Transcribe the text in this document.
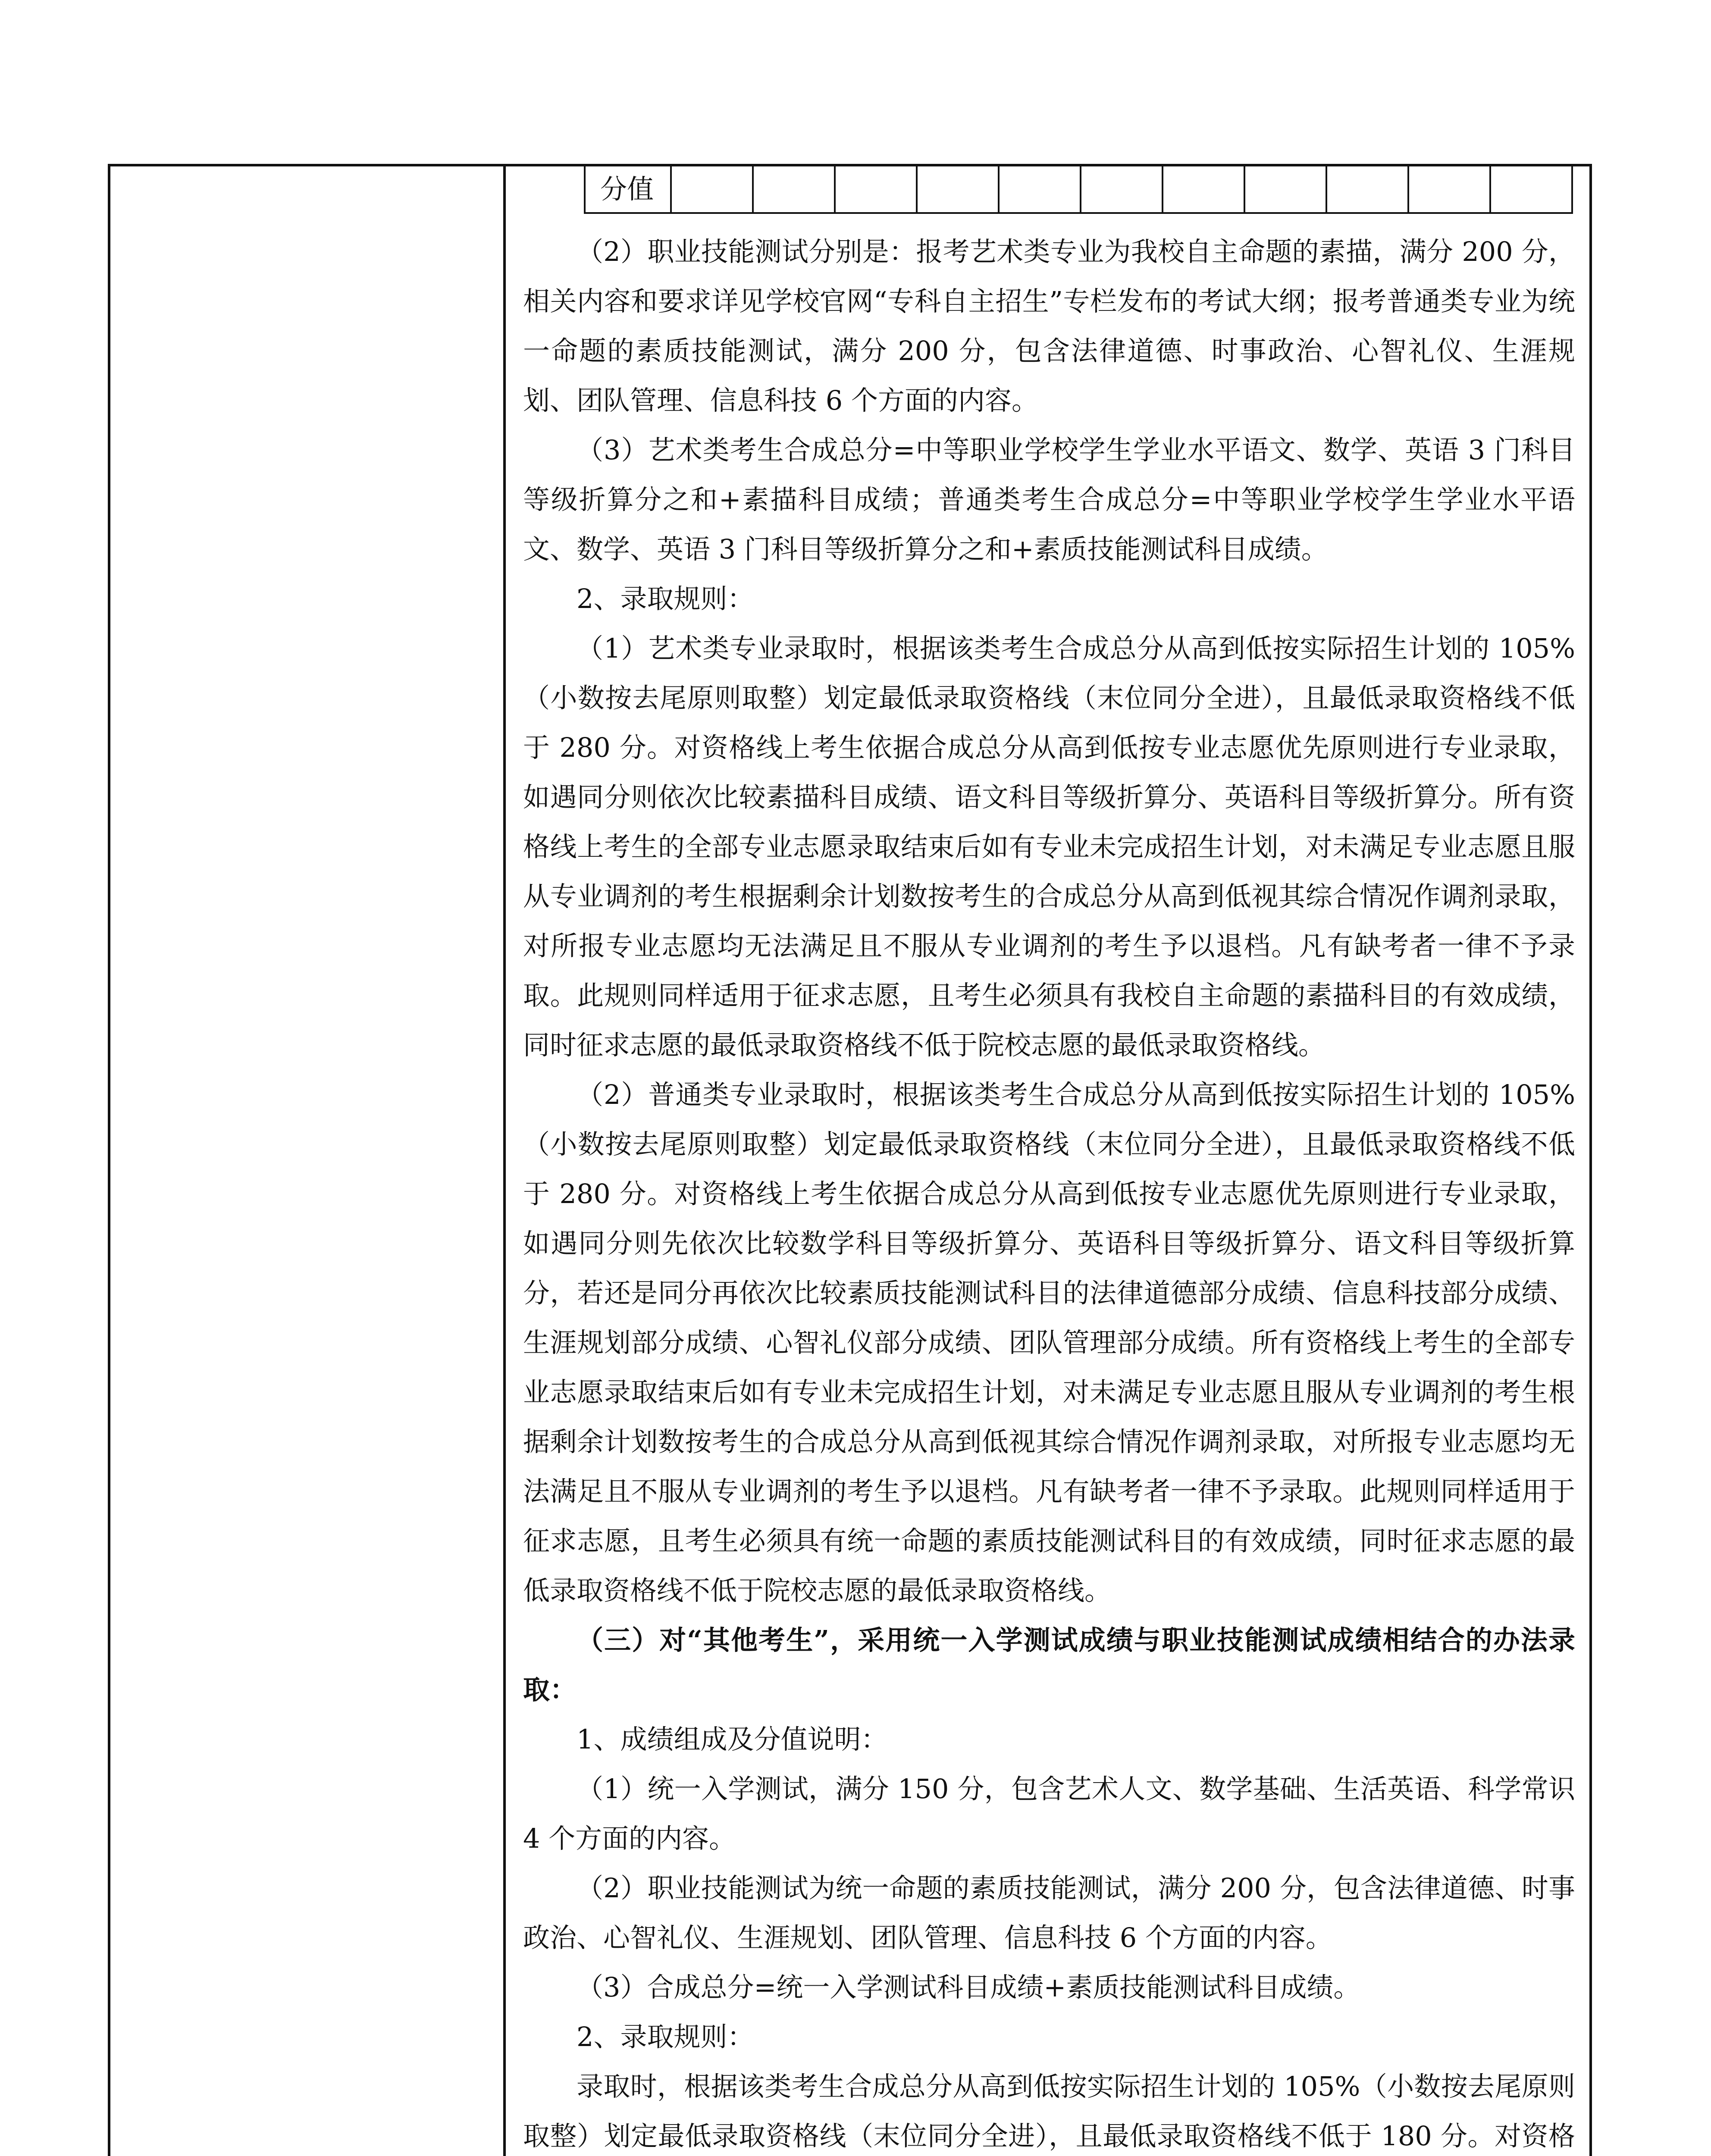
分值											

（2）职业技能测试分别是：报考艺术类专业为我校自主命题的素描，满分 200 分，相关内容和要求详见学校官网“专科自主招生”专栏发布的考试大纲；报考普通类专业为统一命题的素质技能测试，满分 200 分，包含法律道德、时事政治、心智礼仪、生涯规划、团队管理、信息科技 6 个方面的内容。

（3）艺术类考生合成总分=中等职业学校学生学业水平语文、数学、英语 3 门科目等级折算分之和+素描科目成绩；普通类考生合成总分=中等职业学校学生学业水平语文、数学、英语 3 门科目等级折算分之和+素质技能测试科目成绩。

2、录取规则：

（1）艺术类专业录取时，根据该类考生合成总分从高到低按实际招生计划的 105%（小数按去尾原则取整）划定最低录取资格线（末位同分全进），且最低录取资格线不低于 280 分。对资格线上考生依据合成总分从高到低按专业志愿优先原则进行专业录取，如遇同分则依次比较素描科目成绩、语文科目等级折算分、英语科目等级折算分。所有资格线上考生的全部专业志愿录取结束后如有专业未完成招生计划，对未满足专业志愿且服从专业调剂的考生根据剩余计划数按考生的合成总分从高到低视其综合情况作调剂录取，对所报专业志愿均无法满足且不服从专业调剂的考生予以退档。凡有缺考者一律不予录取。此规则同样适用于征求志愿，且考生必须具有我校自主命题的素描科目的有效成绩，同时征求志愿的最低录取资格线不低于院校志愿的最低录取资格线。

（2）普通类专业录取时，根据该类考生合成总分从高到低按实际招生计划的 105%（小数按去尾原则取整）划定最低录取资格线（末位同分全进），且最低录取资格线不低于 280 分。对资格线上考生依据合成总分从高到低按专业志愿优先原则进行专业录取，如遇同分则先依次比较数学科目等级折算分、英语科目等级折算分、语文科目等级折算分，若还是同分再依次比较素质技能测试科目的法律道德部分成绩、信息科技部分成绩、生涯规划部分成绩、心智礼仪部分成绩、团队管理部分成绩。所有资格线上考生的全部专业志愿录取结束后如有专业未完成招生计划，对未满足专业志愿且服从专业调剂的考生根据剩余计划数按考生的合成总分从高到低视其综合情况作调剂录取，对所报专业志愿均无法满足且不服从专业调剂的考生予以退档。凡有缺考者一律不予录取。此规则同样适用于征求志愿，且考生必须具有统一命题的素质技能测试科目的有效成绩，同时征求志愿的最低录取资格线不低于院校志愿的最低录取资格线。

（三）对“其他考生”，采用统一入学测试成绩与职业技能测试成绩相结合的办法录取：

1、成绩组成及分值说明：

（1）统一入学测试，满分 150 分，包含艺术人文、数学基础、生活英语、科学常识 4 个方面的内容。

（2）职业技能测试为统一命题的素质技能测试，满分 200 分，包含法律道德、时事政治、心智礼仪、生涯规划、团队管理、信息科技 6 个方面的内容。

（3）合成总分=统一入学测试科目成绩+素质技能测试科目成绩。

2、录取规则：

录取时，根据该类考生合成总分从高到低按实际招生计划的 105%（小数按去尾原则取整）划定最低录取资格线（末位同分全进），且最低录取资格线不低于 180 分。对资格
